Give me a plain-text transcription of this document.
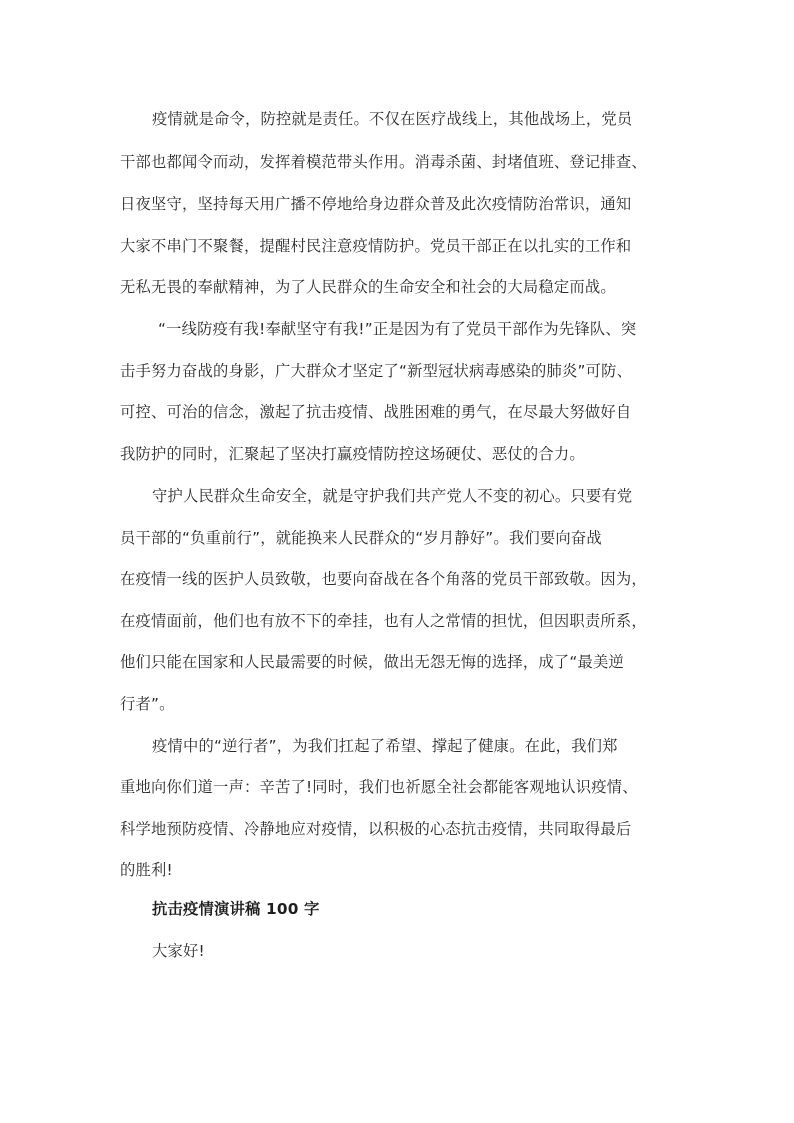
疫情就是命令，防控就是责任。不仅在医疗战线上，其他战场上，党员
干部也都闻令而动，发挥着模范带头作用。消毒杀菌、封堵值班、登记排查、
日夜坚守，坚持每天用广播不停地给身边群众普及此次疫情防治常识，通知
大家不串门不聚餐，提醒村民注意疫情防护。党员干部正在以扎实的工作和
无私无畏的奉献精神，为了人民群众的生命安全和社会的大局稳定而战。
“一线防疫有我!奉献坚守有我!”正是因为有了党员干部作为先锋队、突
击手努力奋战的身影，广大群众才坚定了“新型冠状病毒感染的肺炎”可防、
可控、可治的信念，激起了抗击疫情、战胜困难的勇气，在尽最大努做好自
我防护的同时，汇聚起了坚决打赢疫情防控这场硬仗、恶仗的合力。
守护人民群众生命安全，就是守护我们共产党人不变的初心。只要有党
员干部的“负重前行”，就能换来人民群众的“岁月静好”。我们要向奋战
在疫情一线的医护人员致敬，也要向奋战在各个角落的党员干部致敬。因为，
在疫情面前，他们也有放不下的牵挂，也有人之常情的担忧，但因职责所系，
他们只能在国家和人民最需要的时候，做出无怨无悔的选择，成了“最美逆
行者”。
疫情中的“逆行者”，为我们扛起了希望、撑起了健康。在此，我们郑
重地向你们道一声：辛苦了!同时，我们也祈愿全社会都能客观地认识疫情、
科学地预防疫情、冷静地应对疫情，以积极的心态抗击疫情，共同取得最后
的胜利!
抗击疫情演讲稿 100 字
大家好!
